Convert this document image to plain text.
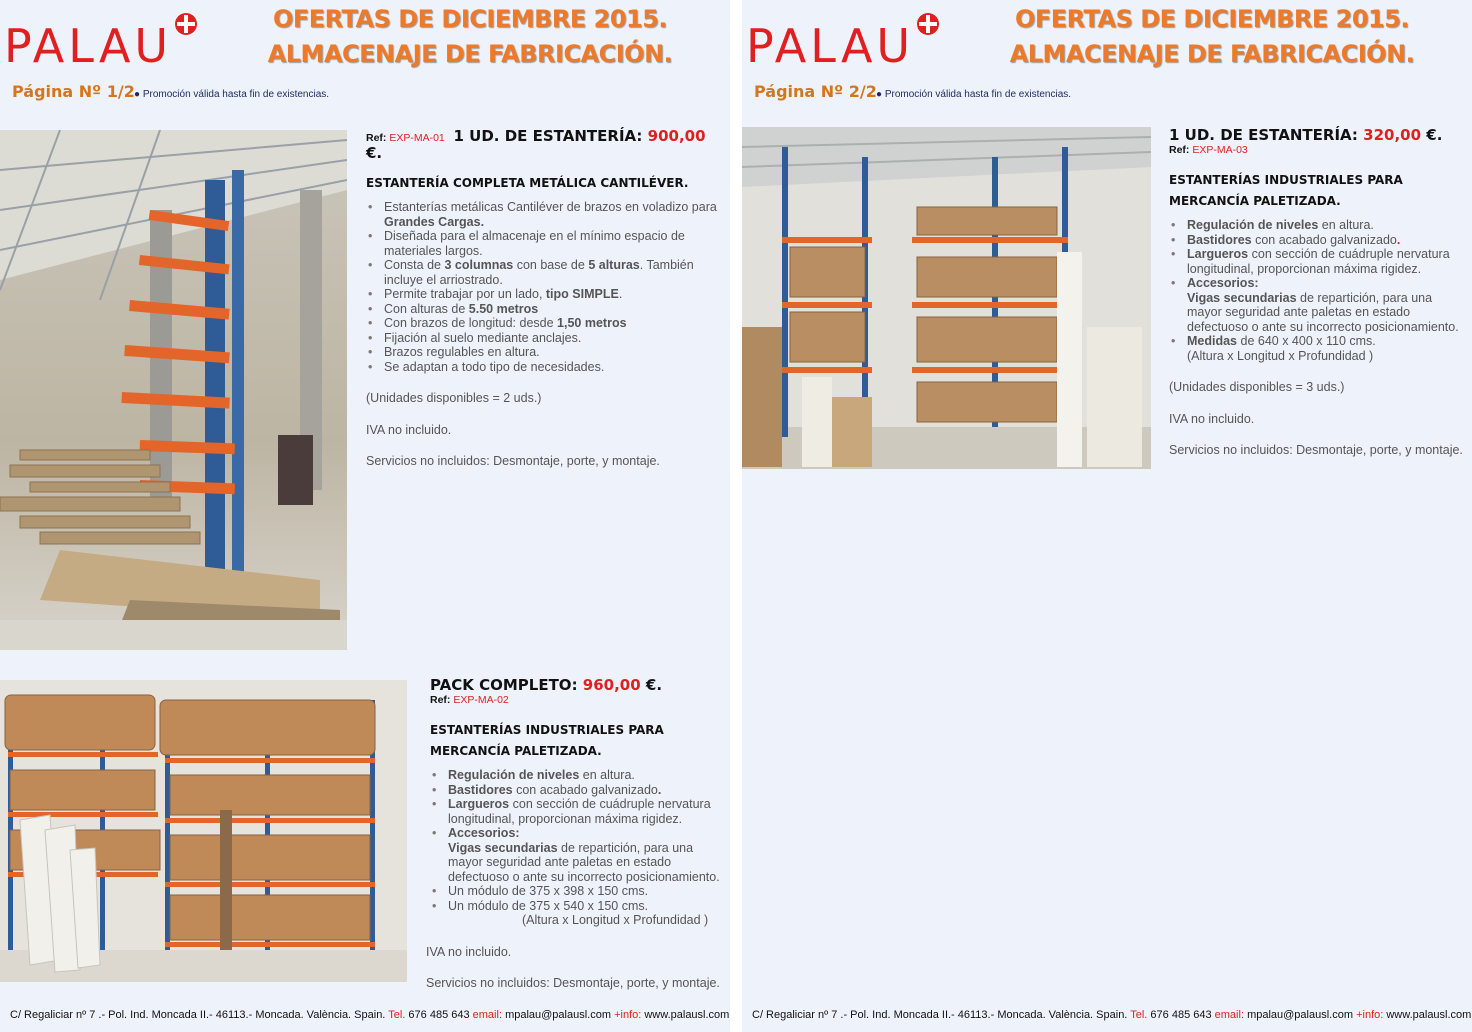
PALAU	OFERTAS DE DICIEMBRE 2015.
ALMACENAJE DE FABRICACIÓN.
Página Nº 1/2 ● Promoción válida hasta fin de existencias.
Ref: EXP-MA-01 1 UD. DE ESTANTERÍA: 900,00 €.
ESTANTERÍA COMPLETA METÁLICA CANTILÉVER.
• Estanterías metálicas Cantiléver de brazos en voladizo para Grandes Cargas.
• Diseñada para el almacenaje en el mínimo espacio de materiales largos.
• Consta de 3 columnas con base de 5 alturas. También incluye el arriostrado.
• Permite trabajar por un lado, tipo SIMPLE.
• Con alturas de 5.50 metros
• Con brazos de longitud: desde 1,50 metros
• Fijación al suelo mediante anclajes.
• Brazos regulables en altura.
• Se adaptan a todo tipo de necesidades.
(Unidades disponibles = 2 uds.)
IVA no incluido.
Servicios no incluidos: Desmontaje, porte, y montaje.
PACK COMPLETO: 960,00 €.
Ref: EXP-MA-02
ESTANTERÍAS INDUSTRIALES PARA MERCANCÍA PALETIZADA.
• Regulación de niveles en altura.
• Bastidores con acabado galvanizado.
• Largueros con sección de cuádruple nervatura longitudinal, proporcionan máxima rigidez.
• Accesorios:
Vigas secundarias de repartición, para una mayor seguridad ante paletas en estado defectuoso o ante su incorrecto posicionamiento.
• Un módulo de 375 x 398 x 150 cms.
• Un módulo de 375 x 540 x 150 cms.
(Altura x Longitud x Profundidad )
IVA no incluido.
Servicios no incluidos: Desmontaje, porte, y montaje.
C/ Regaliciar nº 7 .- Pol. Ind. Moncada II.- 46113.- Moncada. València. Spain. Tel. 676 485 643 email: mpalau@palausl.com +info: www.palausl.com
PALAU	OFERTAS DE DICIEMBRE 2015.
ALMACENAJE DE FABRICACIÓN.
Página Nº 2/2 ● Promoción válida hasta fin de existencias.
1 UD. DE ESTANTERÍA: 320,00 €.
Ref: EXP-MA-03
ESTANTERÍAS INDUSTRIALES PARA MERCANCÍA PALETIZADA.
• Regulación de niveles en altura.
• Bastidores con acabado galvanizado.
• Largueros con sección de cuádruple nervatura longitudinal, proporcionan máxima rigidez.
• Accesorios:
Vigas secundarias de repartición, para una mayor seguridad ante paletas en estado defectuoso o ante su incorrecto posicionamiento.
• Medidas de 640 x 400 x 110 cms.
(Altura x Longitud x Profundidad )
(Unidades disponibles = 3 uds.)
IVA no incluido.
Servicios no incluidos: Desmontaje, porte, y montaje.
C/ Regaliciar nº 7 .- Pol. Ind. Moncada II.- 46113.- Moncada. València. Spain. Tel. 676 485 643 email: mpalau@palausl.com +info: www.palausl.com
